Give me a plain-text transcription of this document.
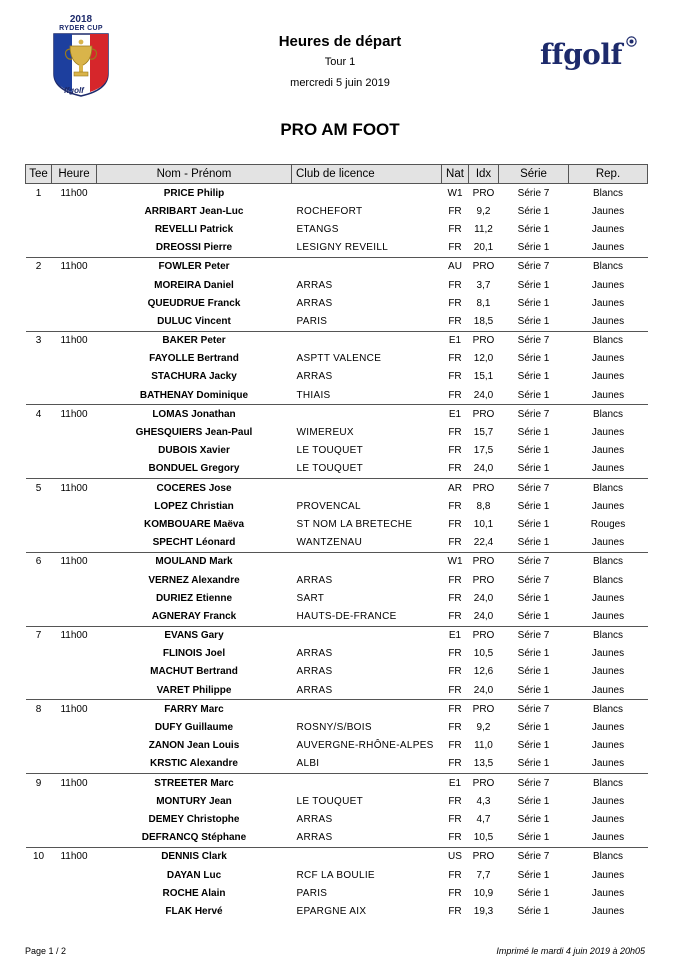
2018
RYDER CUP
ffgolf
Heures de départ
Tour 1
mercredi 5 juin 2019
ffgolf
PRO AM FOOT
Tee	Heure	Nom - Prénom	Club de licence	Nat	Idx	Série	Rep.
1	11h00	PRICE Philip		W1	PRO	Série 7	Blancs
		ARRIBART Jean-Luc	ROCHEFORT	FR	9,2	Série 1	Jaunes
		REVELLI Patrick	ETANGS	FR	11,2	Série 1	Jaunes
		DREOSSI Pierre	LESIGNY REVEILL	FR	20,1	Série 1	Jaunes
2	11h00	FOWLER Peter		AU	PRO	Série 7	Blancs
		MOREIRA Daniel	ARRAS	FR	3,7	Série 1	Jaunes
		QUEUDRUE Franck	ARRAS	FR	8,1	Série 1	Jaunes
		DULUC Vincent	PARIS	FR	18,5	Série 1	Jaunes
3	11h00	BAKER Peter		E1	PRO	Série 7	Blancs
		FAYOLLE Bertrand	ASPTT VALENCE	FR	12,0	Série 1	Jaunes
		STACHURA Jacky	ARRAS	FR	15,1	Série 1	Jaunes
		BATHENAY Dominique	THIAIS	FR	24,0	Série 1	Jaunes
4	11h00	LOMAS Jonathan		E1	PRO	Série 7	Blancs
		GHESQUIERS Jean-Paul	WIMEREUX	FR	15,7	Série 1	Jaunes
		DUBOIS Xavier	LE TOUQUET	FR	17,5	Série 1	Jaunes
		BONDUEL Gregory	LE TOUQUET	FR	24,0	Série 1	Jaunes
5	11h00	COCERES Jose		AR	PRO	Série 7	Blancs
		LOPEZ Christian	PROVENCAL	FR	8,8	Série 1	Jaunes
		KOMBOUARE Maëva	ST NOM LA BRETECHE	FR	10,1	Série 1	Rouges
		SPECHT Léonard	WANTZENAU	FR	22,4	Série 1	Jaunes
6	11h00	MOULAND Mark		W1	PRO	Série 7	Blancs
		VERNEZ Alexandre	ARRAS	FR	PRO	Série 7	Blancs
		DURIEZ Etienne	SART	FR	24,0	Série 1	Jaunes
		AGNERAY Franck	HAUTS-DE-FRANCE	FR	24,0	Série 1	Jaunes
7	11h00	EVANS Gary		E1	PRO	Série 7	Blancs
		FLINOIS Joel	ARRAS	FR	10,5	Série 1	Jaunes
		MACHUT Bertrand	ARRAS	FR	12,6	Série 1	Jaunes
		VARET Philippe	ARRAS	FR	24,0	Série 1	Jaunes
8	11h00	FARRY Marc		FR	PRO	Série 7	Blancs
		DUFY Guillaume	ROSNY/S/BOIS	FR	9,2	Série 1	Jaunes
		ZANON Jean Louis	AUVERGNE-RHÔNE-ALPES	FR	11,0	Série 1	Jaunes
		KRSTIC Alexandre	ALBI	FR	13,5	Série 1	Jaunes
9	11h00	STREETER Marc		E1	PRO	Série 7	Blancs
		MONTURY Jean	LE TOUQUET	FR	4,3	Série 1	Jaunes
		DEMEY Christophe	ARRAS	FR	4,7	Série 1	Jaunes
		DEFRANCQ Stéphane	ARRAS	FR	10,5	Série 1	Jaunes
10	11h00	DENNIS Clark		US	PRO	Série 7	Blancs
		DAYAN Luc	RCF LA BOULIE	FR	7,7	Série 1	Jaunes
		ROCHE Alain	PARIS	FR	10,9	Série 1	Jaunes
		FLAK Hervé	EPARGNE AIX	FR	19,3	Série 1	Jaunes
Page 1 / 2	Imprimé le mardi 4 juin 2019 à 20h05
